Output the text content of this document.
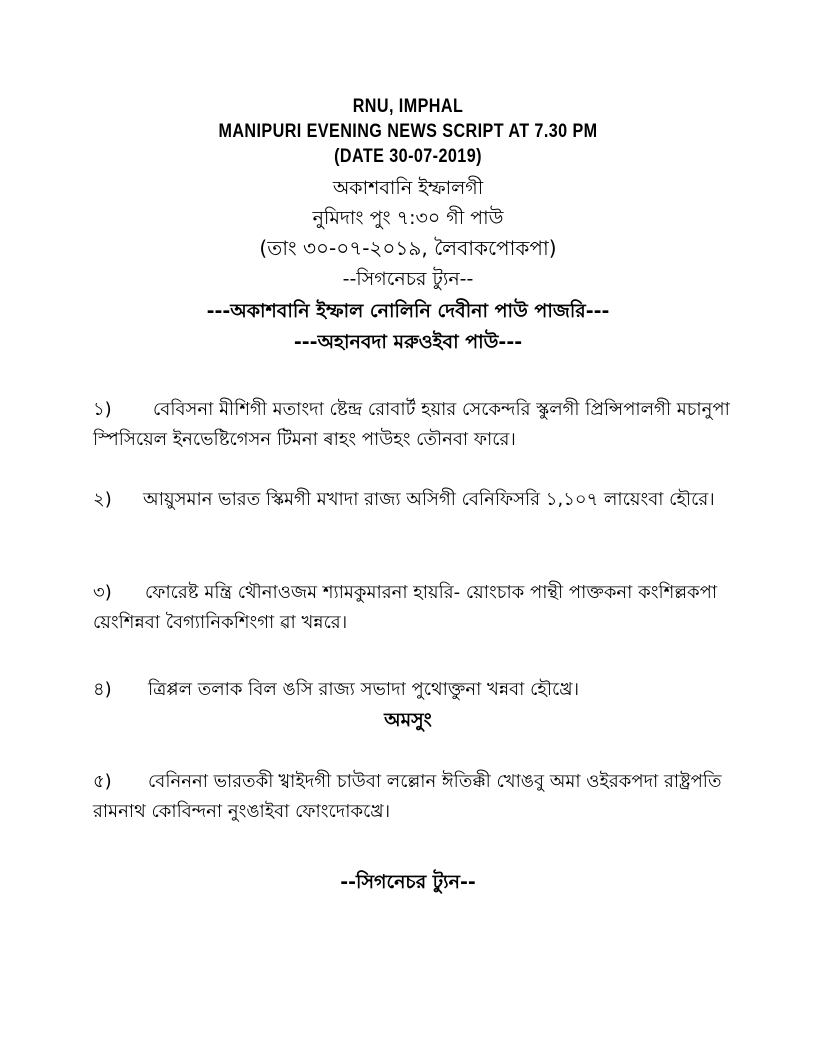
RNU, IMPHAL
MANIPURI EVENING NEWS SCRIPT AT 7.30 PM
(DATE 30-07-2019)
অকাশবানি ইম্ফালগী
নুমিদাং পুং ৭:৩০ গী পাউ
(তাং ৩০-০৭-২০১৯, লৈবাকপোকপা)
--সিগনেচর ট্যুন--
---অকাশবানি ইম্ফাল নোলিনি দেবীনা পাউ পাজরি---
---অহানবদা মরুওইবা পাউ---
১) বেবিসনা মীশিগী মতাংদা ষ্টেন্দ্র রোবার্ট হয়ার সেকেন্দরি স্কুলগী প্রিন্সিপালগী মচানুপা স্পিসিয়েল ইনভেষ্টিগেসন টিমনা ৰাহং পাউহং তৌনবা ফারে।
২) আয়ুসমান ভারত স্কিমগী মখাদা রাজ্য অসিগী বেনিফিসরি ১,১০৭ লায়েংবা হৌরে।
৩) ফোরেষ্ট মন্ত্রি থৌনাওজম শ্যামকুমারনা হায়রি- য়োংচাক পান্থী পাক্তকনা কংশিল্লকপা য়েংশিন্নবা বৈগ্যানিকশিংগা ৱা খন্নরে।
৪) ত্রিপ্পল তলাক বিল ঙসি রাজ্য সভাদা পুথোক্তুনা খন্নবা হৌখ্রে।
অমসুং
৫) বেনিননা ভারতকী খ্বাইদগী চাউবা লল্লোন ঈতিক্কী খোঙবু অমা ওইরকপদা রাষ্ট্রপতি রামনাথ কোবিন্দনা নুংঙাইবা ফোংদোকখ্রে।
--সিগনেচর ট্যুন--
